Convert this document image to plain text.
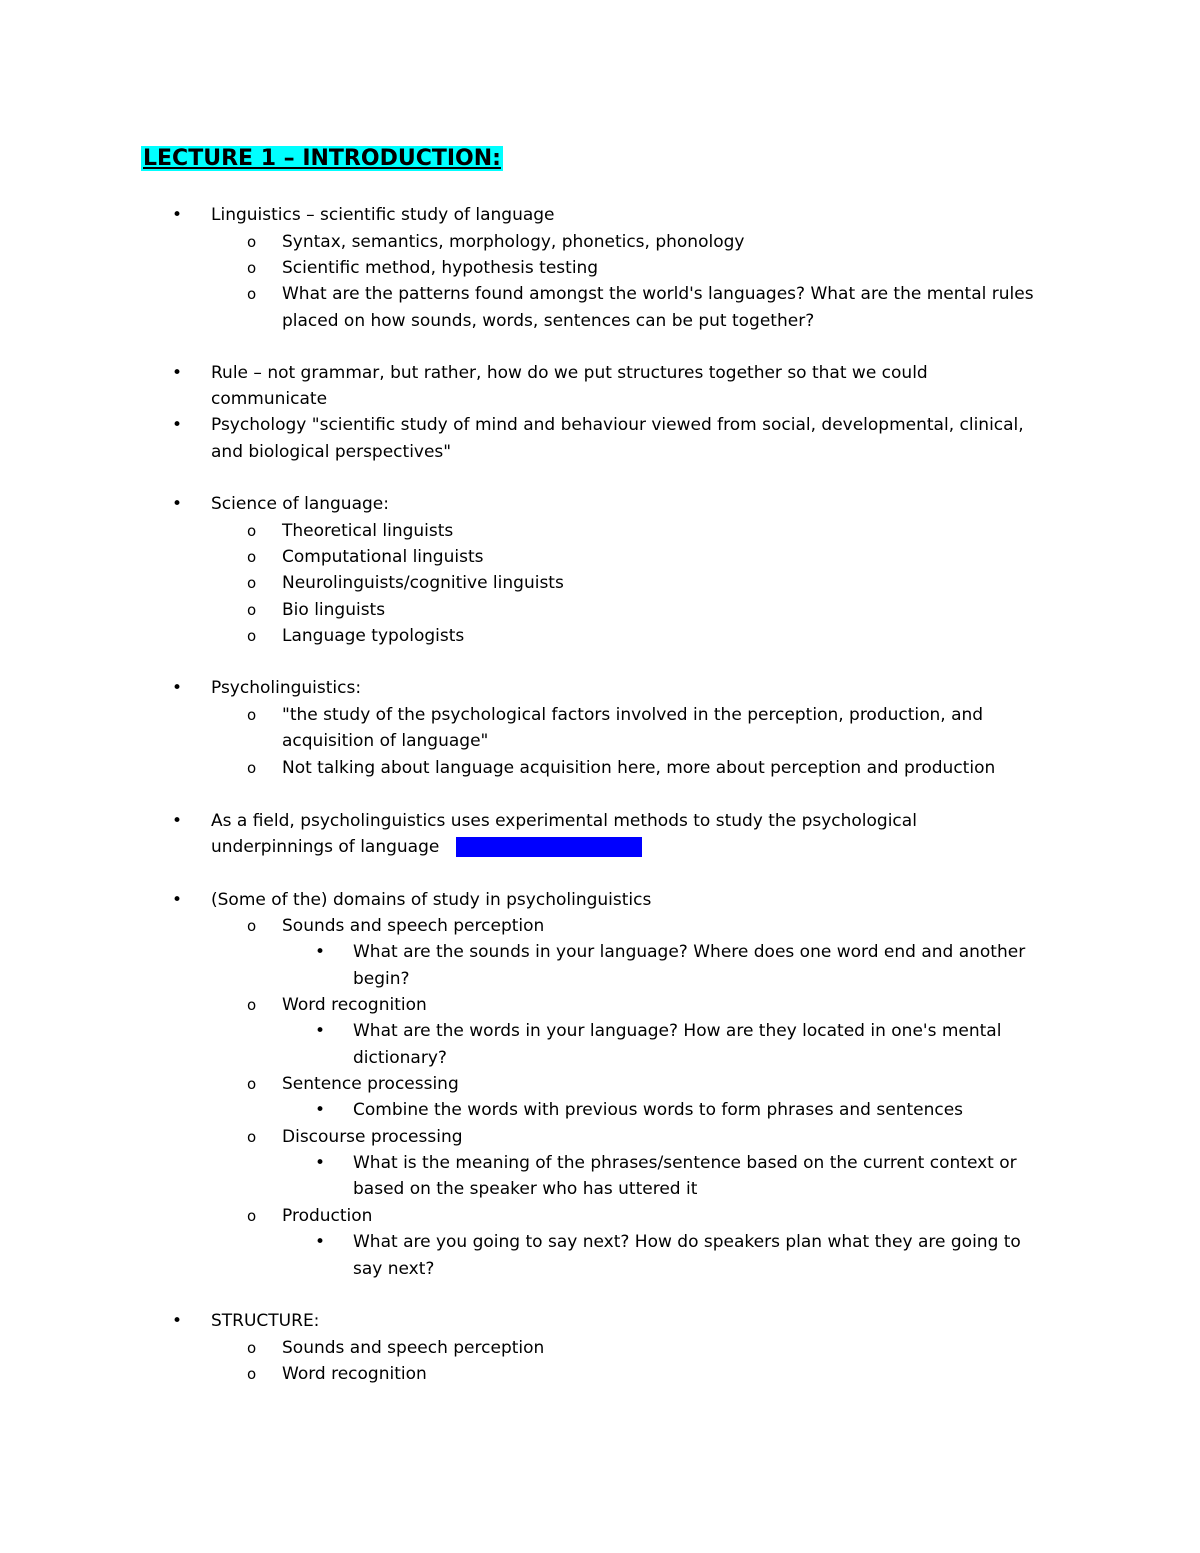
LECTURE 1 – INTRODUCTION:
• Linguistics – scientific study of language
o Syntax, semantics, morphology, phonetics, phonology
o Scientific method, hypothesis testing
o What are the patterns found amongst the world's languages? What are the mental rules
placed on how sounds, words, sentences can be put together?
• Rule – not grammar, but rather, how do we put structures together so that we could
communicate
• Psychology "scientific study of mind and behaviour viewed from social, developmental, clinical,
and biological perspectives"
• Science of language:
o Theoretical linguists
o Computational linguists
o Neurolinguists/cognitive linguists
o Bio linguists
o Language typologists
• Psycholinguistics:
o "the study of the psychological factors involved in the perception, production, and
acquisition of language"
o Not talking about language acquisition here, more about perception and production
• As a field, psycholinguistics uses experimental methods to study the psychological
underpinnings of language (continue from slides)
• (Some of the) domains of study in psycholinguistics
o Sounds and speech perception
• What are the sounds in your language? Where does one word end and another
begin?
o Word recognition
• What are the words in your language? How are they located in one's mental
dictionary?
o Sentence processing
• Combine the words with previous words to form phrases and sentences
o Discourse processing
• What is the meaning of the phrases/sentence based on the current context or
based on the speaker who has uttered it
o Production
• What are you going to say next? How do speakers plan what they are going to
say next?
• STRUCTURE:
o Sounds and speech perception
o Word recognition
